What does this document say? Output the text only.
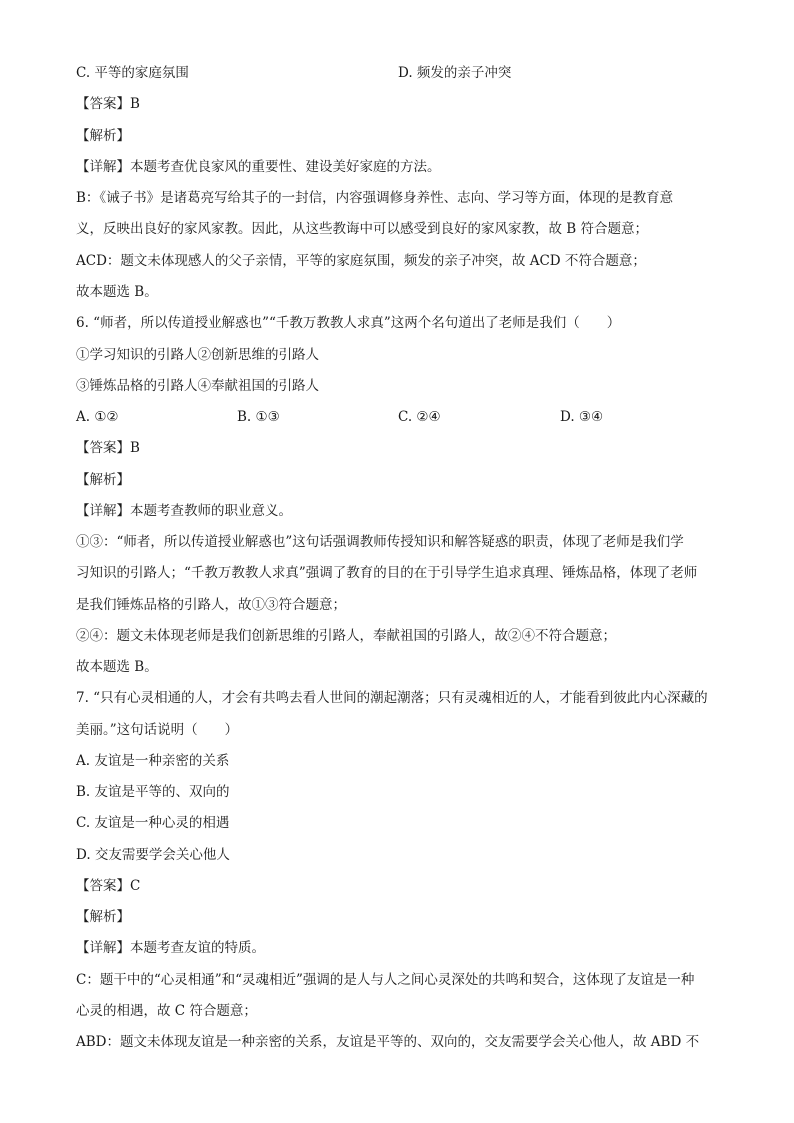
C. 平等的家庭氛围	D. 频发的亲子冲突
【答案】B
【解析】
【详解】本题考查优良家风的重要性、建设美好家庭的方法。
B：《诫子书》是诸葛亮写给其子的一封信，内容强调修身养性、志向、学习等方面，体现的是教育意
义，反映出良好的家风家教。因此，从这些教诲中可以感受到良好的家风家教，故 B 符合题意；
ACD：题文未体现感人的父子亲情，平等的家庭氛围，频发的亲子冲突，故 ACD 不符合题意；
故本题选 B。
6. “师者，所以传道授业解惑也”“千教万教教人求真”这两个名句道出了老师是我们（　　）
①学习知识的引路人②创新思维的引路人
③锤炼品格的引路人④奉献祖国的引路人
A. ①②	B. ①③	C. ②④	D. ③④
【答案】B
【解析】
【详解】本题考查教师的职业意义。
①③：“师者，所以传道授业解惑也”这句话强调教师传授知识和解答疑惑的职责，体现了老师是我们学
习知识的引路人；“千教万教教人求真”强调了教育的目的在于引导学生追求真理、锤炼品格，体现了老师
是我们锤炼品格的引路人，故①③符合题意；
②④：题文未体现老师是我们创新思维的引路人，奉献祖国的引路人，故②④不符合题意；
故本题选 B。
7. “只有心灵相通的人，才会有共鸣去看人世间的潮起潮落；只有灵魂相近的人，才能看到彼此内心深藏的
美丽。”这句话说明（　　）
A. 友谊是一种亲密的关系
B. 友谊是平等的、双向的
C. 友谊是一种心灵的相遇
D. 交友需要学会关心他人
【答案】C
【解析】
【详解】本题考查友谊的特质。
C：题干中的“心灵相通”和“灵魂相近”强调的是人与人之间心灵深处的共鸣和契合，这体现了友谊是一种
心灵的相遇，故 C 符合题意；
ABD：题文未体现友谊是一种亲密的关系，友谊是平等的、双向的，交友需要学会关心他人，故 ABD 不
